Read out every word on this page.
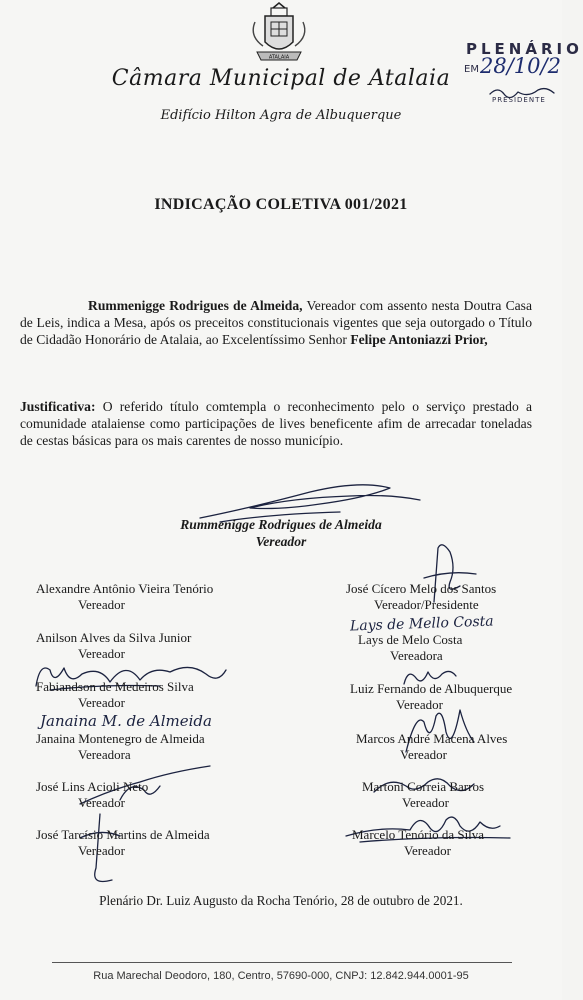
ATALAIA
Câmara Municipal de Atalaia
Edifício Hilton Agra de Albuquerque
PLENÁRIO
EM 28/10/2
PRESIDENTE
INDICAÇÃO COLETIVA 001/2021
Rummenigge Rodrigues de Almeida, Vereador com assento nesta Doutra Casa de Leis, indica a Mesa, após os preceitos constitucionais vigentes que seja outorgado o Título de Cidadão Honorário de Atalaia, ao Excelentíssimo Senhor Felipe Antoniazzi Prior,
Justificativa: O referido título comtempla o reconhecimento pelo o serviço prestado a comunidade atalaiense como participações de lives beneficente afim de arrecadar toneladas de cestas básicas para os mais carentes de nosso município.
Rummenigge Rodrigues de Almeida
Vereador
Alexandre Antônio Vieira Tenório
Vereador
Anilson Alves da Silva Junior
Vereador
Fabiandson de Medeiros Silva
Vereador
Janaina M. de Almeida
Janaina Montenegro de Almeida
Vereadora
José Lins Acioli Neto
Vereador
José Tarcísio Martins de Almeida
Vereador
José Cícero Melo dos Santos
Vereador/Presidente
Lays de Mello Costa
Lays de Melo Costa
Vereadora
Luiz Fernando de Albuquerque
Vereador
Marcos André Macena Alves
Vereador
Martoni Correia Barros
Vereador
Marcelo Tenório da Silva
Vereador
Plenário Dr. Luiz Augusto da Rocha Tenório, 28 de outubro de 2021.
Rua Marechal Deodoro, 180, Centro, 57690-000, CNPJ: 12.842.944.0001-95
